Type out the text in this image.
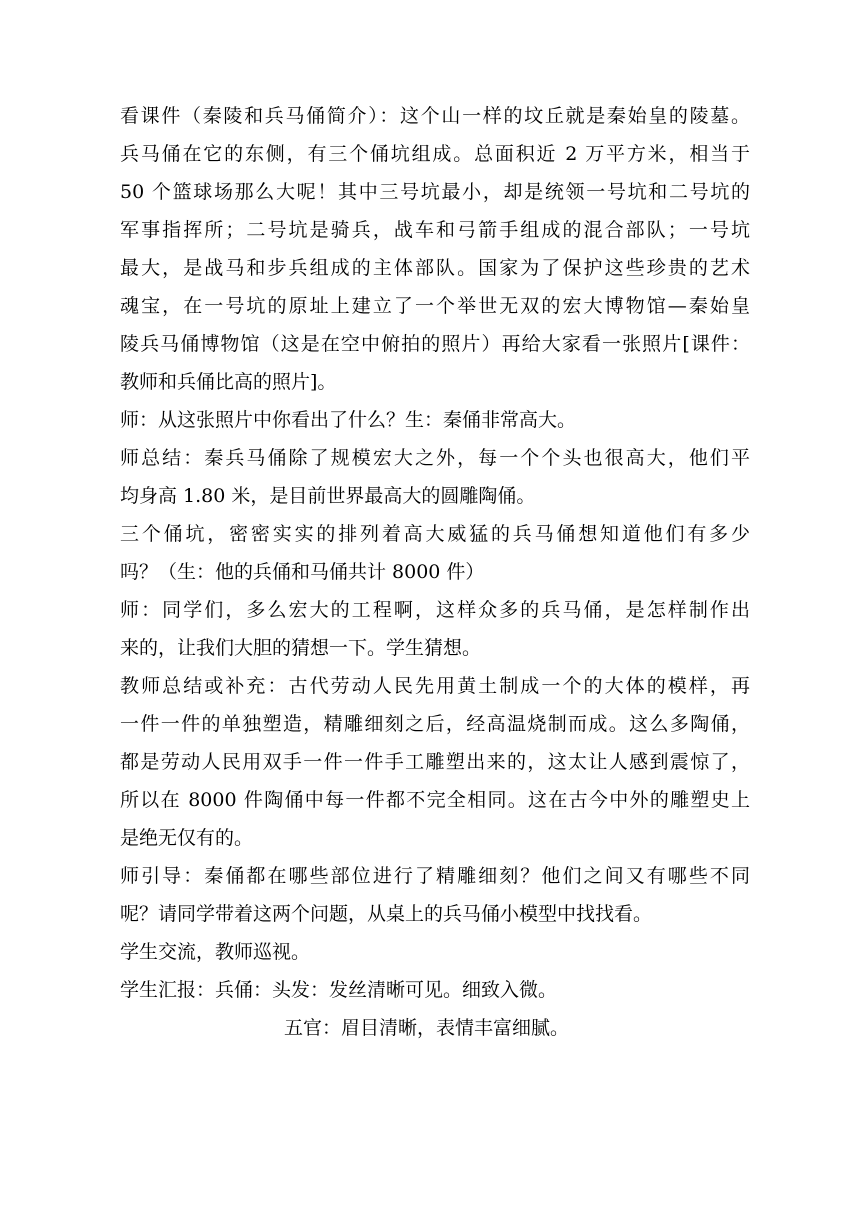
看课件（秦陵和兵马俑简介）：这个山一样的坟丘就是秦始皇的陵墓。
兵马俑在它的东侧，有三个俑坑组成。总面积近 2 万平方米，相当于
50 个篮球场那么大呢！其中三号坑最小，却是统领一号坑和二号坑的
军事指挥所；二号坑是骑兵，战车和弓箭手组成的混合部队；一号坑
最大，是战马和步兵组成的主体部队。国家为了保护这些珍贵的艺术
魂宝，在一号坑的原址上建立了一个举世无双的宏大博物馆—秦始皇
陵兵马俑博物馆（这是在空中俯拍的照片）再给大家看一张照片[课件：
教师和兵俑比高的照片]。
师：从这张照片中你看出了什么？生：秦俑非常高大。
师总结：秦兵马俑除了规模宏大之外，每一个个头也很高大，他们平
均身高 1.80 米，是目前世界最高大的圆雕陶俑。
三个俑坑，密密实实的排列着高大威猛的兵马俑想知道他们有多少
吗？（生：他的兵俑和马俑共计 8000 件）
师：同学们，多么宏大的工程啊，这样众多的兵马俑，是怎样制作出
来的，让我们大胆的猜想一下。学生猜想。
教师总结或补充：古代劳动人民先用黄土制成一个的大体的模样，再
一件一件的单独塑造，精雕细刻之后，经高温烧制而成。这么多陶俑，
都是劳动人民用双手一件一件手工雕塑出来的，这太让人感到震惊了，
所以在 8000 件陶俑中每一件都不完全相同。这在古今中外的雕塑史上
是绝无仅有的。
师引导：秦俑都在哪些部位进行了精雕细刻？他们之间又有哪些不同
呢？请同学带着这两个问题，从桌上的兵马俑小模型中找找看。
学生交流，教师巡视。
学生汇报：兵俑：头发：发丝清晰可见。细致入微。
五官：眉目清晰，表情丰富细腻。
